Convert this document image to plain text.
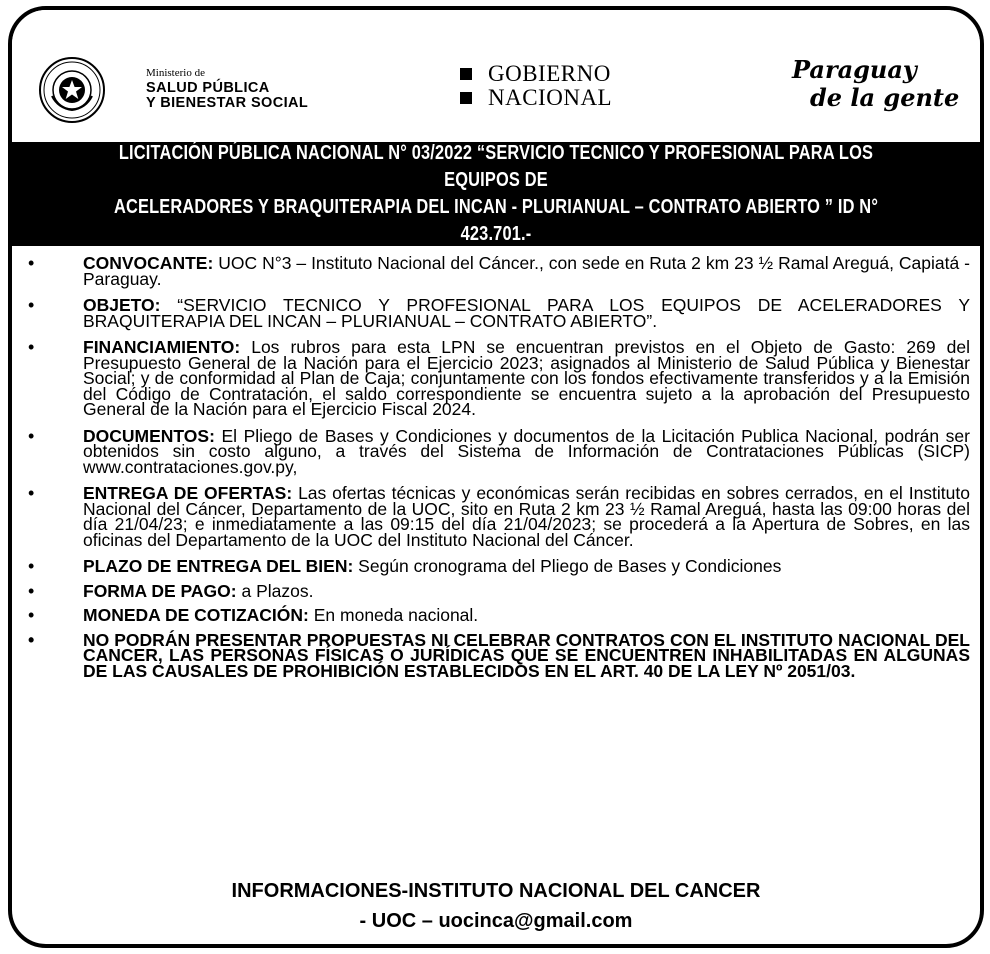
Ministerio de
SALUD PÚBLICA
Y BIENESTAR SOCIAL
GOBIERNO
NACIONAL
Paraguay
de la gente
LICITACIÓN PÚBLICA NACIONAL N° 03/2022 “SERVICIO TECNICO Y PROFESIONAL PARA LOS EQUIPOS DE
ACELERADORES Y BRAQUITERAPIA DEL INCAN - PLURIANUAL – CONTRATO ABIERTO ” ID N° 423.701.-
•	CONVOCANTE: UOC N°3 – Instituto Nacional del Cáncer., con sede en Ruta 2 km 23 ½ Ramal Areguá, Capiatá - Paraguay.
•	OBJETO: “SERVICIO TECNICO Y PROFESIONAL PARA LOS EQUIPOS DE ACELERADORES Y BRAQUITERAPIA DEL INCAN – PLURIANUAL – CONTRATO ABIERTO”.
•	FINANCIAMIENTO: Los rubros para esta LPN se encuentran previstos en el Objeto de Gasto: 269 del Presupuesto General de la Nación para el Ejercicio 2023; asignados al Ministerio de Salud Pública y Bienestar Social; y de conformidad al Plan de Caja; conjuntamente con los fondos efectivamente transferidos y a la Emisión del Código de Contratación, el saldo correspondiente se encuentra sujeto a la aprobación del Presupuesto General de la Nación para el Ejercicio Fiscal 2024.
•	DOCUMENTOS: El Pliego de Bases y Condiciones y documentos de la Licitación Publica Nacional, podrán ser obtenidos sin costo alguno, a través del Sistema de Información de Contrataciones Públicas (SICP) www.contrataciones.gov.py,
•	ENTREGA DE OFERTAS: Las ofertas técnicas y económicas serán recibidas en sobres cerrados, en el Instituto Nacional del Cáncer, Departamento de la UOC, sito en Ruta 2 km 23 ½ Ramal Areguá, hasta las 09:00 horas del día 21/04/23; e inmediatamente a las 09:15 del día 21/04/2023; se procederá a la Apertura de Sobres, en las oficinas del Departamento de la UOC del Instituto Nacional del Cáncer.
•	PLAZO DE ENTREGA DEL BIEN: Según cronograma del Pliego de Bases y Condiciones
•	FORMA DE PAGO: a Plazos.
•	MONEDA DE COTIZACIÓN: En moneda nacional.
•	NO PODRÁN PRESENTAR PROPUESTAS NI CELEBRAR CONTRATOS CON EL INSTITUTO NACIONAL DEL CANCER, LAS PERSONAS FÍSICAS O JURÍDICAS QUE SE ENCUENTREN INHABILITADAS EN ALGUNAS DE LAS CAUSALES DE PROHIBICIÓN ESTABLECIDOS EN EL ART. 40 DE LA LEY Nº 2051/03.
INFORMACIONES-INSTITUTO NACIONAL DEL CANCER
- UOC – uocinca@gmail.com
